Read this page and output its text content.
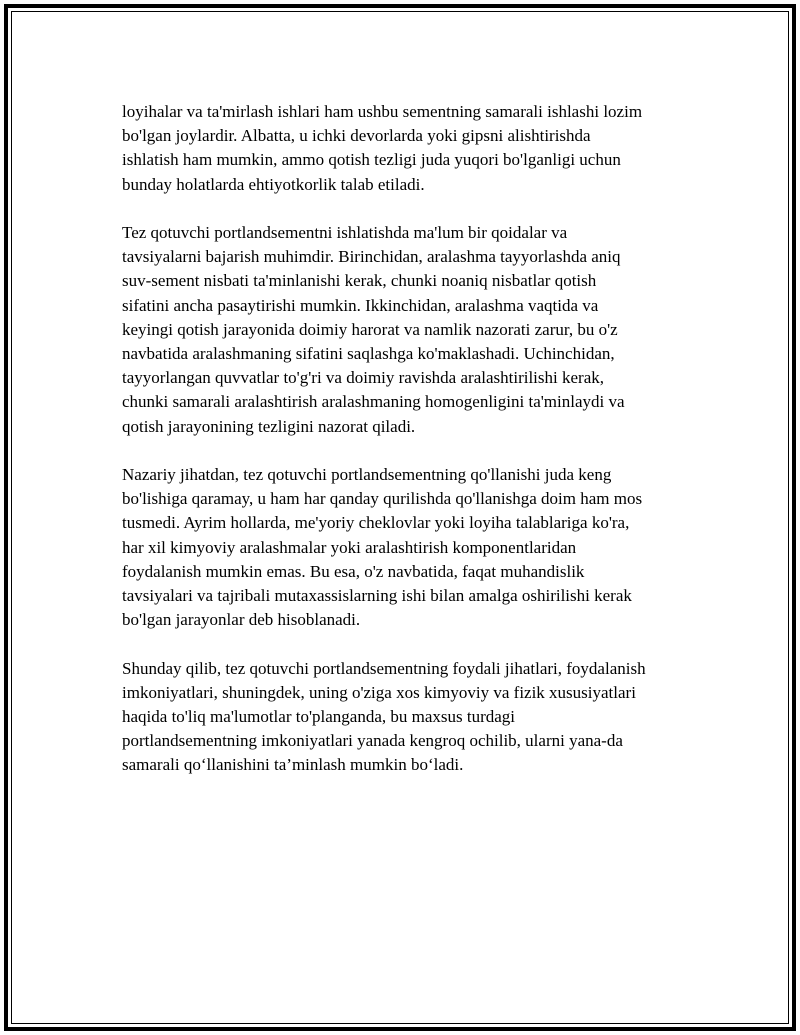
loyihalar va ta'mirlash ishlari ham ushbu sementning samarali ishlashi lozim
bo'lgan joylardir. Albatta, u ichki devorlarda yoki gipsni alishtirishda
ishlatish ham mumkin, ammo qotish tezligi juda yuqori bo'lganligi uchun
bunday holatlarda ehtiyotkorlik talab etiladi.

Tez qotuvchi portlandsementni ishlatishda ma'lum bir qoidalar va
tavsiyalarni bajarish muhimdir. Birinchidan, aralashma tayyorlashda aniq
suv-sement nisbati ta'minlanishi kerak, chunki noaniq nisbatlar qotish
sifatini ancha pasaytirishi mumkin. Ikkinchidan, aralashma vaqtida va
keyingi qotish jarayonida doimiy harorat va namlik nazorati zarur, bu o'z
navbatida aralashmaning sifatini saqlashga ko'maklashadi. Uchinchidan,
tayyorlangan quvvatlar to'g'ri va doimiy ravishda aralashtirilishi kerak,
chunki samarali aralashtirish aralashmaning homogenligini ta'minlaydi va
qotish jarayonining tezligini nazorat qiladi.

Nazariy jihatdan, tez qotuvchi portlandsementning qo'llanishi juda keng
bo'lishiga qaramay, u ham har qanday qurilishda qo'llanishga doim ham mos
tusmedi. Ayrim hollarda, me'yoriy cheklovlar yoki loyiha talablariga ko'ra,
har xil kimyoviy aralashmalar yoki aralashtirish komponentlaridan
foydalanish mumkin emas. Bu esa, o'z navbatida, faqat muhandislik
tavsiyalari va tajribali mutaxassislarning ishi bilan amalga oshirilishi kerak
bo'lgan jarayonlar deb hisoblanadi.

Shunday qilib, tez qotuvchi portlandsementning foydali jihatlari, foydalanish
imkoniyatlari, shuningdek, uning o'ziga xos kimyoviy va fizik xususiyatlari
haqida to'liq ma'lumotlar to'planganda, bu maxsus turdagi
portlandsementning imkoniyatlari yanada kengroq ochilib, ularni yana-da
samarali qo‘llanishini ta’minlash mumkin bo‘ladi.
